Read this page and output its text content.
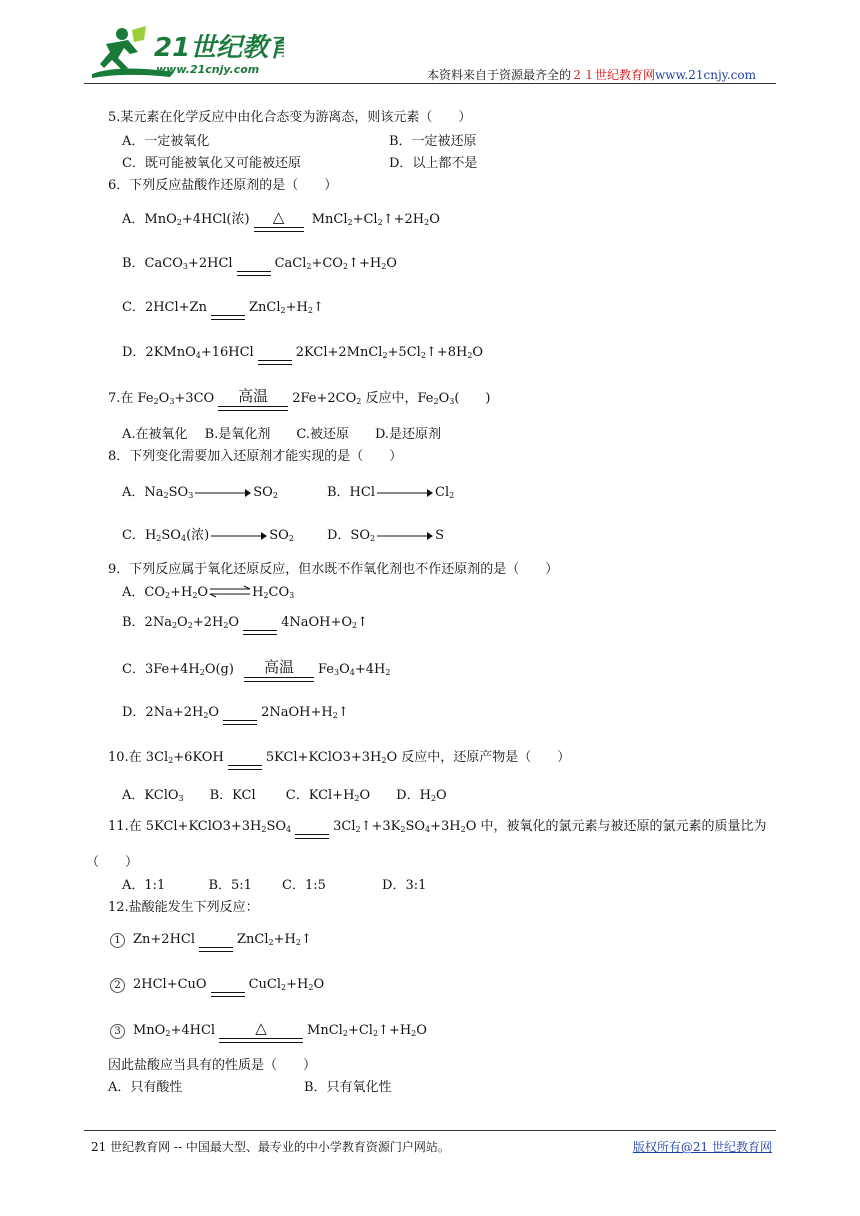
21世纪教育
www.21cnjy.com	本资料来自于资源最齐全的２１世纪教育网www.21cnjy.com
5.某元素在化学反应中由化合态变为游离态，则该元素（　　）
A．一定被氧化	B．一定被还原
C．既可能被氧化又可能被还原	D．以上都不是
6．下列反应盐酸作还原剂的是（　　）
A．MnO$_2$+4HCl(浓) △
$MnCl_2+Cl_2↑+2H_2O$
B．CaCO$_3$+2HCl	$CaCl_2+CO_2↑+H_2O$
C．2HCl+Zn	$ZnCl_2+H_2↑$
D．2KMnO$_4$+16HCl	$2KCl+2MnCl_2+5Cl_2↑+8H_2O$
7.在 $Fe_2O_3+3CO$ 高温 $2Fe+2CO_2$ 反应中，$Fe_2O_3$(　　)
A.在被氧化　 B.是氧化剂　　C.被还原　　D.是还原剂
8．下列变化需要加入还原剂才能实现的是（　　）
A．$Na_2SO_3$	$SO_2$	B．HCl	$Cl_2$
C．$H_2SO_4$(浓)	$SO_2$	D．$SO_2$	S
9．下列反应属于氧化还原反应，但水既不作氧化剂也不作还原剂的是（　　）
A．$CO_2+H_2O\rightleftharpoons H_2CO_3$
B．$2Na_2O_2+2H_2O$	$4NaOH+O_2↑$
C．$3Fe+4H_2O(g)$ 高温 $Fe_3O_4+4H_2$
D．$2Na+2H_2O$	$2NaOH+H_2↑$
10.在 $3Cl_2+6KOH$	$5KCl+KClO3+3H_2O$ 反应中，还原产物是（　　）
A．KClO$_3$　　B．KCl　　 C．$KCl+H_2O$　　D．$H_2O$
11.在 $5KCl+KClO3+3H_2SO_4$	$3Cl_2↑+3K_2SO_4+3H_2O$ 中，被氧化的氯元素与被还原的氯元素的质量比为
（　　）
A．1:1　　　 B．5:1　　 C．1:5　　　　 D．3:1
12.盐酸能发生下列反应：
1 Zn+2HCl	$ZnCl_2+H_2↑$
2 2HCl+CuO	$CuCl_2+H_2O$
3 MnO$_2$+4HCl	△	$MnCl_2+Cl_2↑+H_2O$
因此盐酸应当具有的性质是（　　）
A．只有酸性	B．只有氧化性
21 世纪教育网 -- 中国最大型、最专业的中小学教育资源门户网站。	版权所有@21 世纪教育网
